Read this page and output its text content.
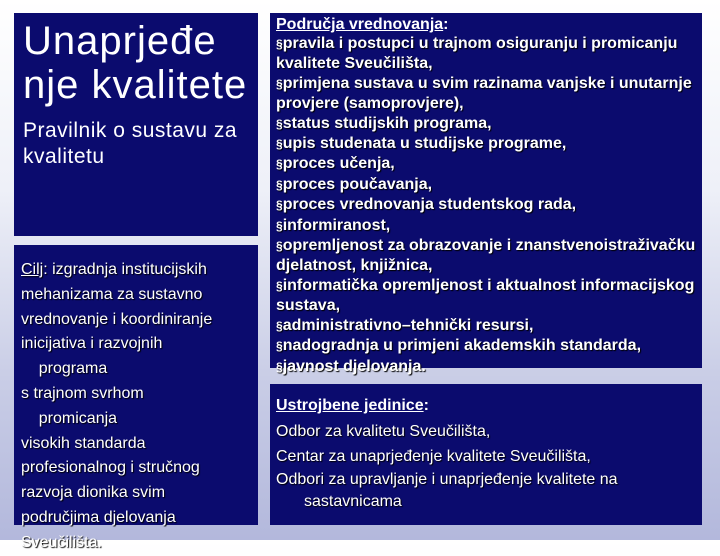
Unaprjeđe nje kvalitete
Pravilnik o sustavu za kvalitetu
Cilj: izgradnja institucijskih
mehanizama za sustavno
vrednovanje i koordiniranje
inicijativa i razvojnih
programa
s trajnom svrhom
promicanja
visokih standarda
profesionalnog i stručnog
razvoja dionika svim
područjima djelovanja
Sveučilišta.
Područja vrednovanja:
§pravila i postupci u trajnom osiguranju i promicanju kvalitete Sveučilišta,
§primjena sustava u svim razinama vanjske i unutarnje provjere (samoprovjere),
§status studijskih programa,
§upis studenata u studijske programe,
§proces učenja,
§proces poučavanja,
§proces vrednovanja studentskog rada,
§informiranost,
§opremljenost za obrazovanje i znanstvenoistraživačku djelatnost, knjižnica,
§informatička opremljenost i aktualnost informacijskog sustava,
§administrativno–tehnički resursi,
§nadogradnja u primjeni akademskih standarda,
§javnost djelovanja.
Ustrojbene jedinice:
Odbor za kvalitetu Sveučilišta,
Centar za unaprjeđenje kvalitete Sveučilišta,
Odbori za upravljanje i unaprjeđenje kvalitete na sastavnicama
